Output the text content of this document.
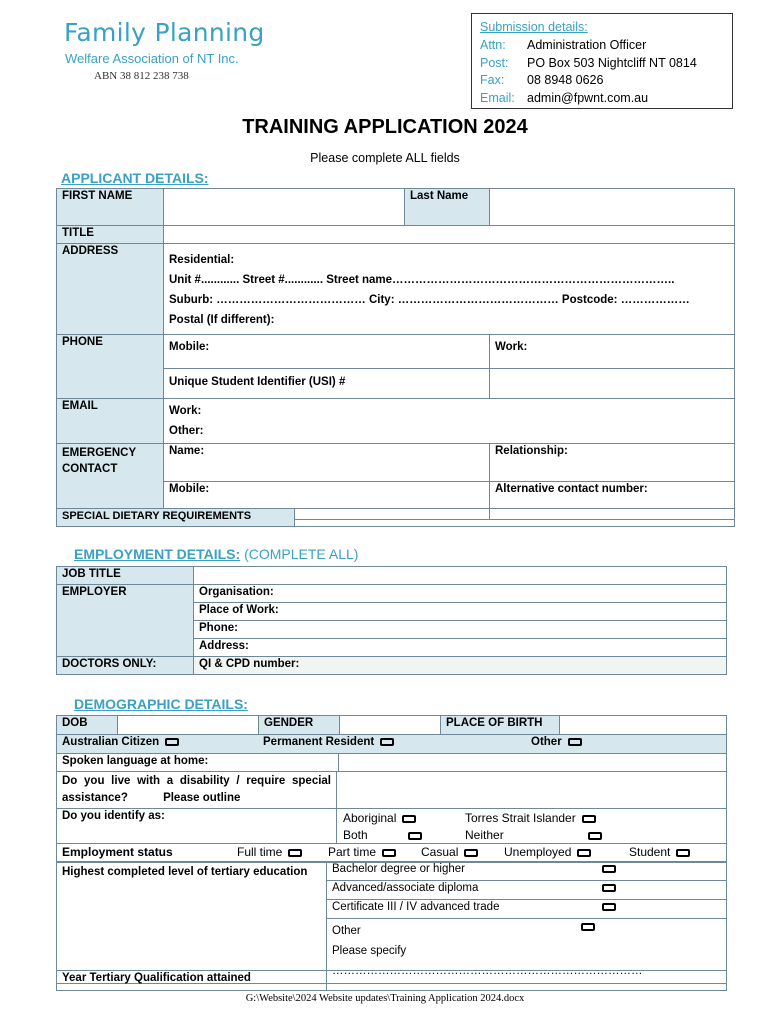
Family Planning
Welfare Association of NT Inc.
ABN 38 812 238 738
Submission details:
Attn:	Administration Officer
Post:	PO Box 503 Nightcliff NT 0814
Fax:	08 8948 0626
Email: admin@fpwnt.com.au
TRAINING APPLICATION 2024
Please complete ALL fields
APPLICANT DETAILS:
FIRST NAME		Last Name	
TITLE			
ADDRESS	Residential:
Unit #............ Street #............ Street name………………………………………………………………..
Suburb: ………………………………… City: …………………………………… Postcode: ………………
Postal (If different):		

PHONE	Mobile:		Work:
	Unique Student Identifier (USI) #		
EMAIL	Work:
Other:		

EMERGENCY CONTACT	Name:		Relationship:
	Mobile:		Alternative contact number:
SPECIAL DIETARY REQUIREMENTS	
EMPLOYMENT DETAILS: (COMPLETE ALL)
JOB TITLE	
EMPLOYER	Organisation:
	Place of Work:
	Phone:
	Address:
DOCTORS ONLY:	QI & CPD number:
DEMOGRAPHIC DETAILS:
DOB		GENDER		PLACE OF BIRTH	
Australian Citizen	Permanent Resident	Other

Spoken language at home:	
Do you live with a disability / require special assistance? Please outline	
Do you identify as:	Aboriginal Torres Strait Islander
Both Neither
Employment status	Full time	Part time	Casual	Unemployed	Student
Highest completed level of tertiary education	Bachelor degree or higher	
	Advanced/associate diploma	
	Certificate III / IV advanced trade	

	Other
Please specify
………………………………………………………………………	

Year Tertiary Qualification attained	
G:\Website\2024 Website updates\Training Application 2024.docx
